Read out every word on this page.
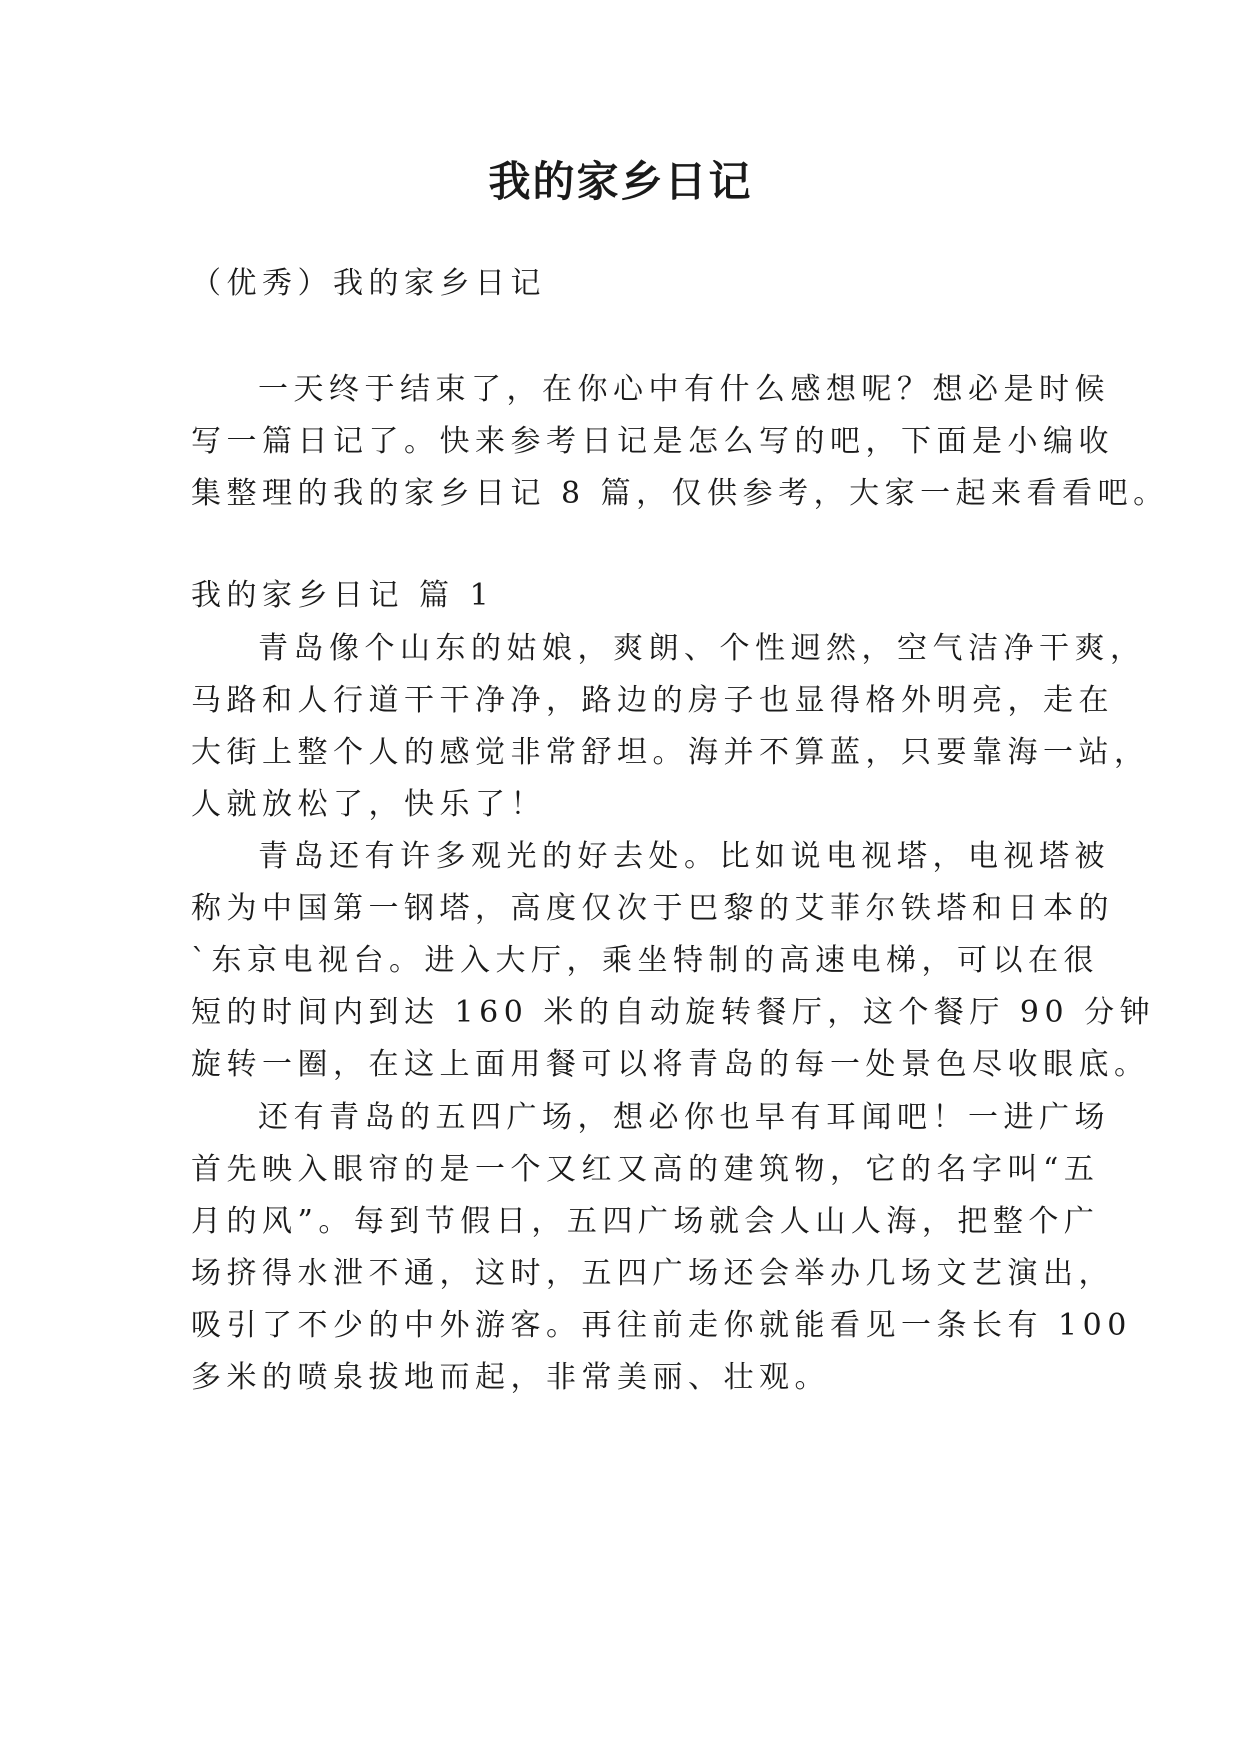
我的家乡日记
（优秀）我的家乡日记
一天终于结束了，在你心中有什么感想呢？想必是时候
写一篇日记了。快来参考日记是怎么写的吧，下面是小编收
集整理的我的家乡日记 8 篇，仅供参考，大家一起来看看吧。
我的家乡日记 篇 1
青岛像个山东的姑娘，爽朗、个性迥然，空气洁净干爽，
马路和人行道干干净净，路边的房子也显得格外明亮，走在
大街上整个人的感觉非常舒坦。海并不算蓝，只要靠海一站，
人就放松了，快乐了！
青岛还有许多观光的好去处。比如说电视塔，电视塔被
称为中国第一钢塔，高度仅次于巴黎的艾菲尔铁塔和日本的
`东京电视台。进入大厅，乘坐特制的高速电梯，可以在很
短的时间内到达 160 米的自动旋转餐厅，这个餐厅 90 分钟
旋转一圈，在这上面用餐可以将青岛的每一处景色尽收眼底。
还有青岛的五四广场，想必你也早有耳闻吧！一进广场
首先映入眼帘的是一个又红又高的建筑物，它的名字叫“五
月的风”。每到节假日，五四广场就会人山人海，把整个广
场挤得水泄不通，这时，五四广场还会举办几场文艺演出，
吸引了不少的中外游客。再往前走你就能看见一条长有 100
多米的喷泉拔地而起，非常美丽、壮观。
